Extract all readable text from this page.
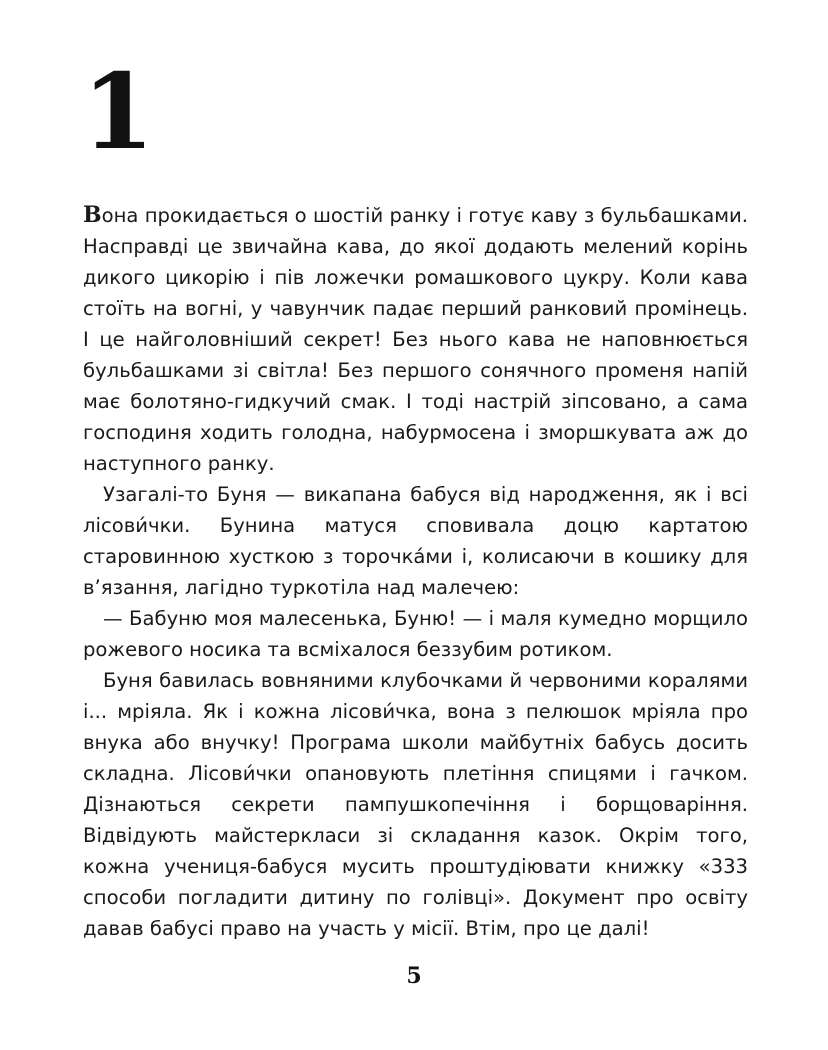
1

Вона прокидається о шостій ранку і готує каву з бульбашками. Насправді це звичайна кава, до якої додають мелений корінь дикого цикорію і пів ложечки ромашкового цукру. Коли кава стоїть на вогні, у чавунчик падає перший ранковий промінець. І це найголовніший секрет! Без нього кава не наповнюється бульбашками зі світла! Без першого сонячного променя напій має болотяно-гидкучий смак. І тоді настрій зіпсовано, а сама господиня ходить голодна, набурмосена і зморшкувата аж до наступного ранку.

Узагалі-то Буня — викапана бабуся від народження, як і всі лісови́чки. Бунина матуся сповивала доцю картатою старовинною хусткою з торочка́ми і, колисаючи в кошику для в’язання, лагідно туркотіла над малечею:

— Бабуню моя малесенька, Буню! — і маля кумедно морщило рожевого носика та всміхалося беззубим ротиком.

Буня бавилась вовняними клубочками й червоними коралями і... мріяла. Як і кожна лісови́чка, вона з пелюшок мріяла про внука або внучку! Програма школи майбутніх бабусь досить складна. Лісови́чки опановують плетіння спицями і гачком. Дізнаються секрети пампушкопечіння і борщоваріння. Відвідують майстеркласи зі складання казок. Окрім того, кожна учениця-бабуся мусить проштудіювати книжку «333 способи погладити дитину по голівці». Документ про освіту давав бабусі право на участь у місії. Втім, про це далі!

5
